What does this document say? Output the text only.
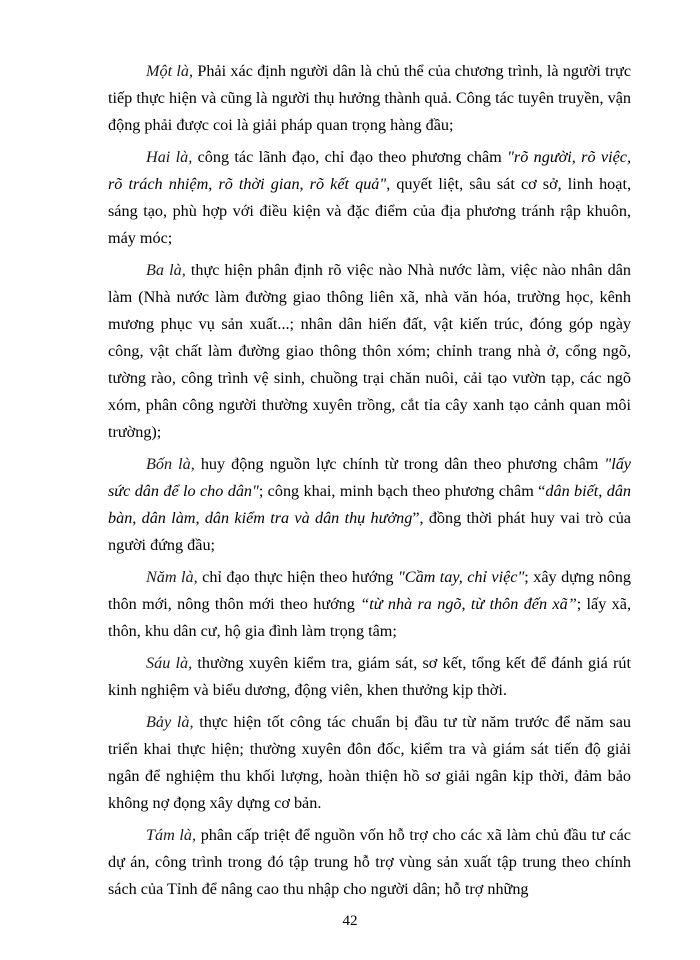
Một là, Phải xác định người dân là chủ thể của chương trình, là người trực tiếp thực hiện và cũng là người thụ hưởng thành quả. Công tác tuyên truyền, vận động phải được coi là giải pháp quan trọng hàng đầu;

Hai là, công tác lãnh đạo, chỉ đạo theo phương châm "rõ người, rõ việc, rõ trách nhiệm, rõ thời gian, rõ kết quả", quyết liệt, sâu sát cơ sở, linh hoạt, sáng tạo, phù hợp với điều kiện và đặc điểm của địa phương tránh rập khuôn, máy móc;

Ba là, thực hiện phân định rõ việc nào Nhà nước làm, việc nào nhân dân làm (Nhà nước làm đường giao thông liên xã, nhà văn hóa, trường học, kênh mương phục vụ sản xuất...; nhân dân hiến đất, vật kiến trúc, đóng góp ngày công, vật chất làm đường giao thông thôn xóm; chỉnh trang nhà ở, cổng ngõ, tường rào, công trình vệ sinh, chuồng trại chăn nuôi, cải tạo vườn tạp, các ngõ xóm, phân công người thường xuyên trồng, cắt tỉa cây xanh tạo cảnh quan môi trường);

Bốn là, huy động nguồn lực chính từ trong dân theo phương châm "lấy sức dân để lo cho dân"; công khai, minh bạch theo phương châm “dân biết, dân bàn, dân làm, dân kiểm tra và dân thụ hưởng”, đồng thời phát huy vai trò của người đứng đầu;

Năm là, chỉ đạo thực hiện theo hướng "Cầm tay, chỉ việc"; xây dựng nông thôn mới, nông thôn mới theo hướng “từ nhà ra ngõ, từ thôn đến xã”; lấy xã, thôn, khu dân cư, hộ gia đình làm trọng tâm;

Sáu là, thường xuyên kiểm tra, giám sát, sơ kết, tổng kết để đánh giá rút kinh nghiệm và biểu dương, động viên, khen thưởng kịp thời.

Bảy là, thực hiện tốt công tác chuẩn bị đầu tư từ năm trước để năm sau triển khai thực hiện; thường xuyên đôn đốc, kiểm tra và giám sát tiến độ giải ngân để nghiệm thu khối lượng, hoàn thiện hồ sơ giải ngân kịp thời, đảm bảo không nợ đọng xây dựng cơ bản.

Tám là, phân cấp triệt để nguồn vốn hỗ trợ cho các xã làm chủ đầu tư các dự án, công trình trong đó tập trung hỗ trợ vùng sản xuất tập trung theo chính sách của Tỉnh để nâng cao thu nhập cho người dân; hỗ trợ những

42
